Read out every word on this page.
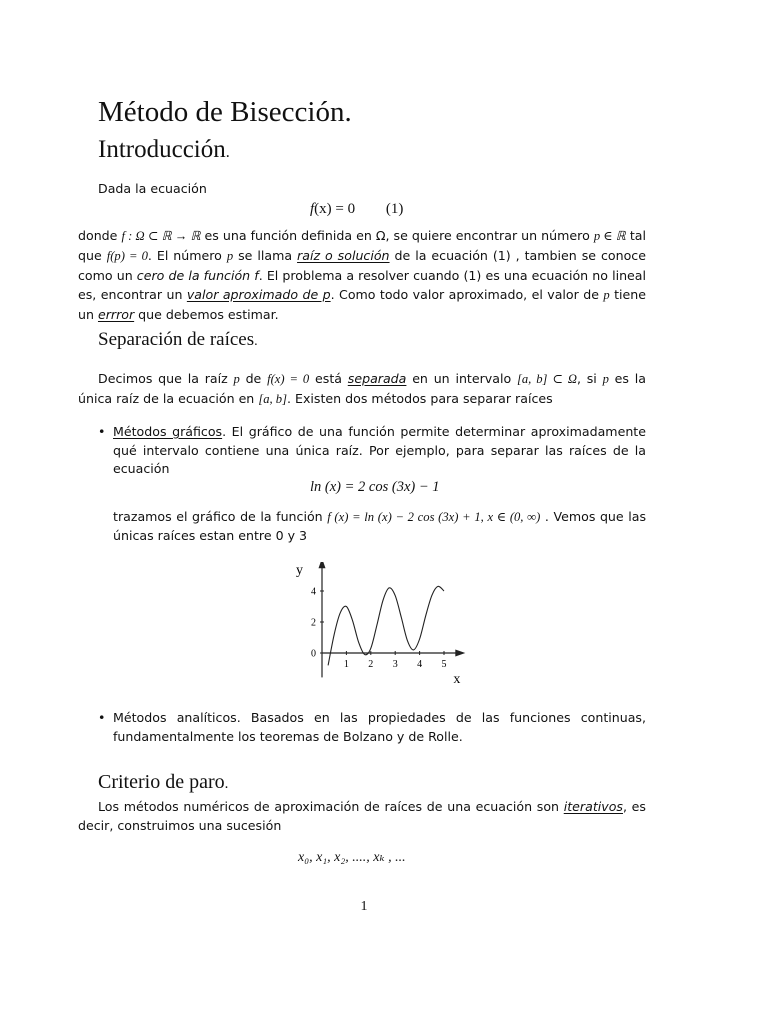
Método de Bisección.
Introducción.
Dada la ecuación
f(x) = 0 (1)

donde f : Ω ⊂ ℝ → ℝ es una función definida en Ω, se quiere encontrar un número p ∈ ℝ tal que f(p) = 0. El número p se llama raíz o solución de la ecuación (1) , tambien se conoce como un cero de la función f. El problema a resolver cuando (1) es una ecuación no lineal es, encontrar un valor aproximado de p. Como todo valor aproximado, el valor de p tiene un errror que debemos estimar.

Separación de raíces.

Decimos que la raíz p de f(x) = 0 está separada en un intervalo [a, b] ⊂ Ω, si p es la única raíz de la ecuación en [a, b]. Existen dos métodos para separar raíces

• Métodos gráficos. El gráfico de una función permite determinar aproximadamente qué intervalo contiene una única raíz. Por ejemplo, para separar las raíces de la ecuación

ln (x) = 2 cos (3x) − 1

trazamos el gráfico de la función f (x) = ln (x) − 2 cos (3x) + 1, x ∈ (0, ∞) . Vemos que las únicas raíces estan entre 0 y 3

1 2 3 4 5
0
2
4
x
y
• Métodos analíticos. Basados en las propiedades de las funciones continuas, fundamentalmente los teoremas de Bolzano y de Rolle.

Criterio de paro.

Los métodos numéricos de aproximación de raíces de una ecuación son iterativos, es decir, construimos una sucesión

x₀, x₁, x₂, ...., xₖ , ...
1
